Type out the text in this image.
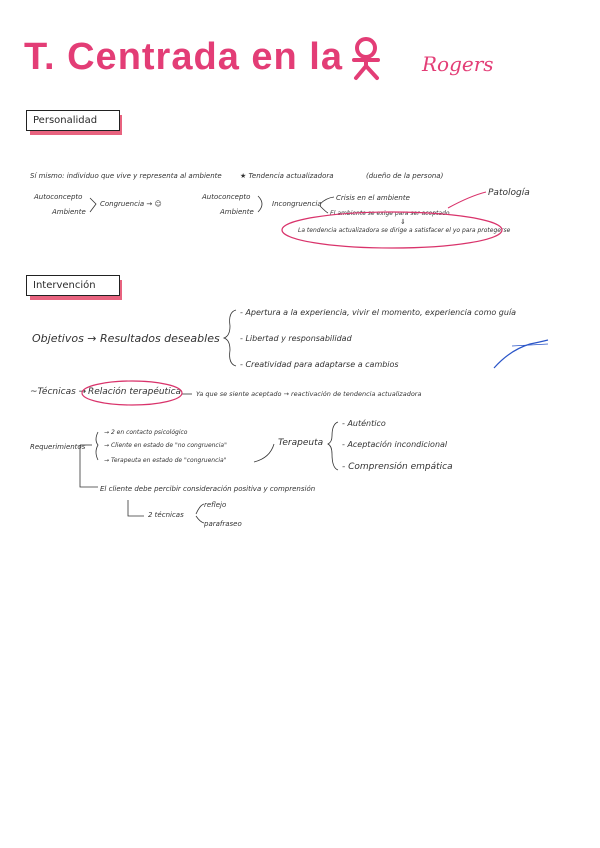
T. Centrada en la	Rogers
Personalidad
Sí mismo: individuo que vive y representa al ambiente	★ Tendencia actualizadora	(dueño de la persona)
Autoconcepto
Ambiente
Congruencia → ☺
Autoconcepto
Ambiente
Incongruencia
Crisis en el ambiente
El ambiente se exige para ser aceptado
⇓
La tendencia actualizadora se dirige a satisfacer el yo para protegerse
Patología
Intervención
Objetivos → Resultados deseables
- Apertura a la experiencia, vivir el momento, experiencia como guía
- Libertad y responsabilidad
- Creatividad para adaptarse a cambios
~Técnicas → Relación terapéutica Ya que se siente aceptado → reactivación de tendencia actualizadora
Requerimientos
→ 2 en contacto psicológico
→ Cliente en estado de "no congruencia"
→ Terapeuta en estado de "congruencia"
Terapeuta
- Auténtico
- Aceptación incondicional
- Comprensión empática
El cliente debe percibir consideración positiva y comprensión
2 técnicas
reflejo
parafraseo
